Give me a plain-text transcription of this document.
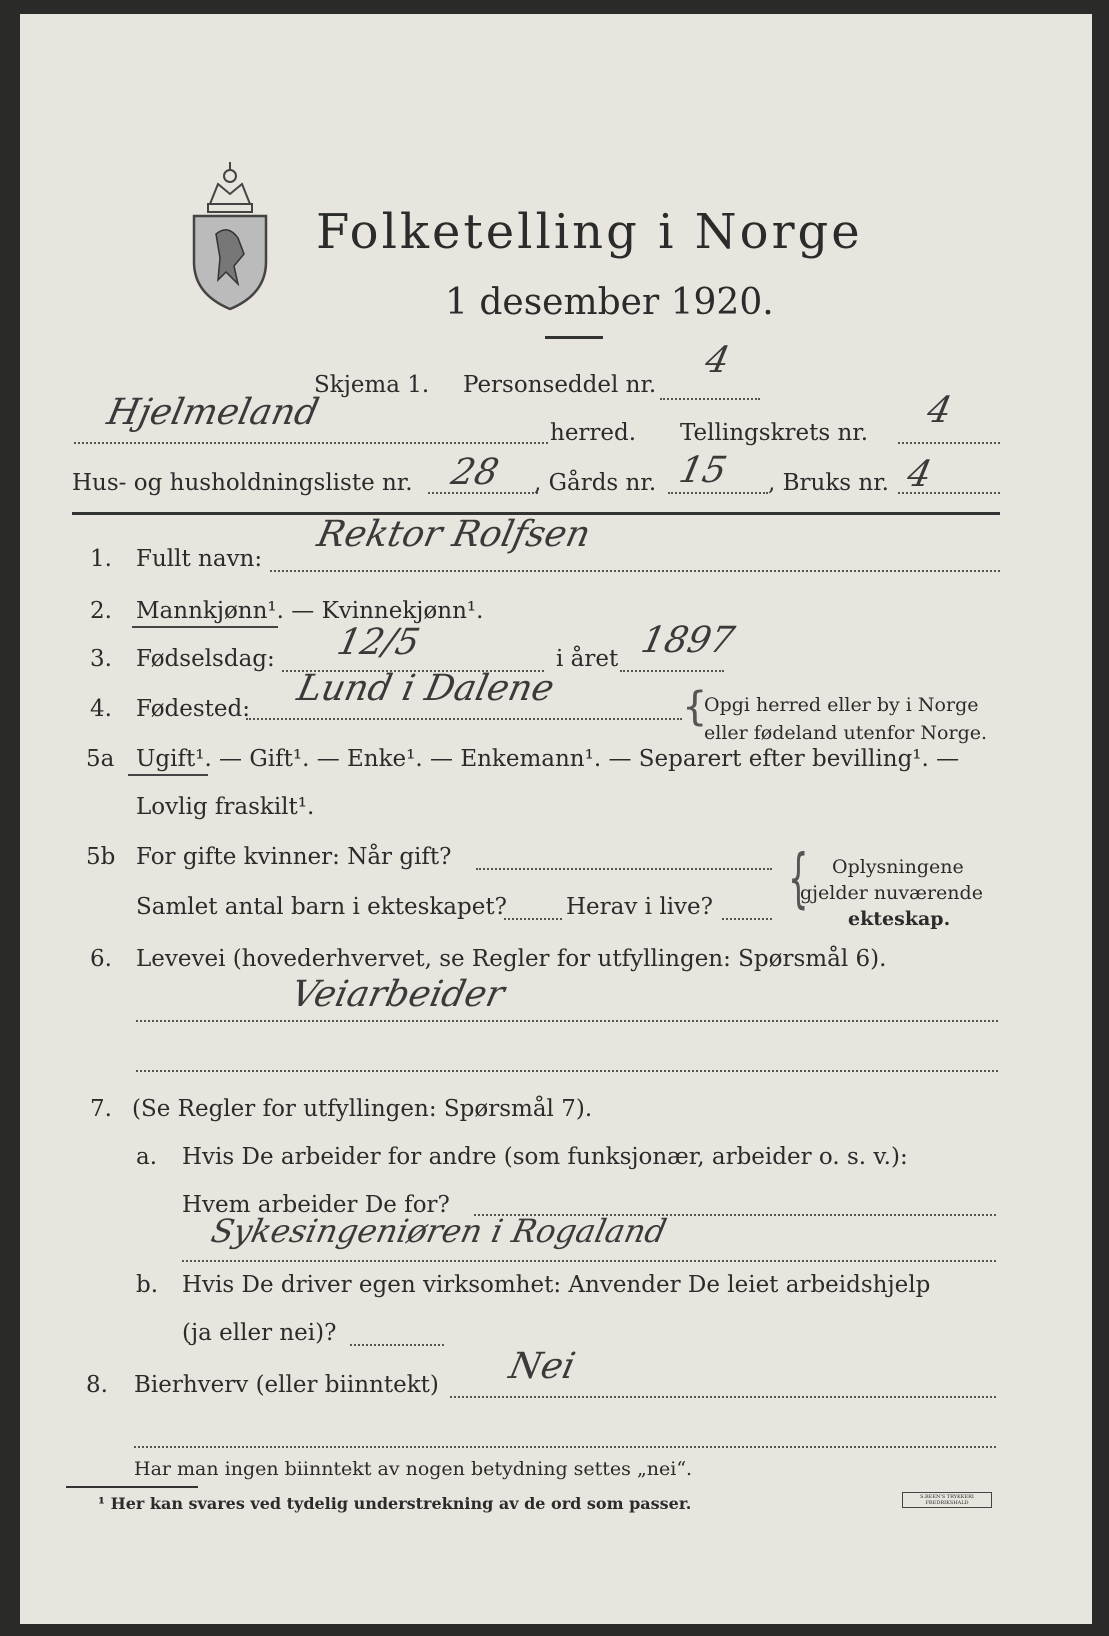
Folketelling i Norge
1 desember 1920.
Skjema 1. Personseddel nr.
4
Hjelmeland	herred. Tellingskrets nr.
4
Hus- og husholdningsliste nr. 28 , Gårds nr. 15 , Bruks nr. 4
1. Fullt navn:
Rektor Rolfsen
2. Mannkjønn¹. — Kvinnekjønn¹.
3. Fødselsdag: 12/5	i året 1897
4. Fødested: Lund i Dalene	{
Opgi herred eller by i Norge
eller fødeland utenfor Norge.
5a Ugift¹. — Gift¹. — Enke¹. — Enkemann¹. — Separert efter bevilling¹. —
Lovlig fraskilt¹.
5b For gifte kvinner: Når gift?
Samlet antal barn i ekteskapet?	Herav i live? { Oplysningene
gjelder nuværende
ekteskap.
6. Levevei (hovederhvervet, se Regler for utfyllingen: Spørsmål 6).
Veiarbeider
7. (Se Regler for utfyllingen: Spørsmål 7).
a. Hvis De arbeider for andre (som funksjonær, arbeider o. s. v.):
Hvem arbeider De for?
Sykesingeniøren i Rogaland
b. Hvis De driver egen virksomhet: Anvender De leiet arbeidshjelp
(ja eller nei)?
8. Bierhverv (eller biinntekt) Nei
Har man ingen biinntekt av nogen betydning settes „nei“.
¹ Her kan svares ved tydelig understrekning av de ord som passer.	S.BEEN'S TRYKKERI FREDRIKSHALD
